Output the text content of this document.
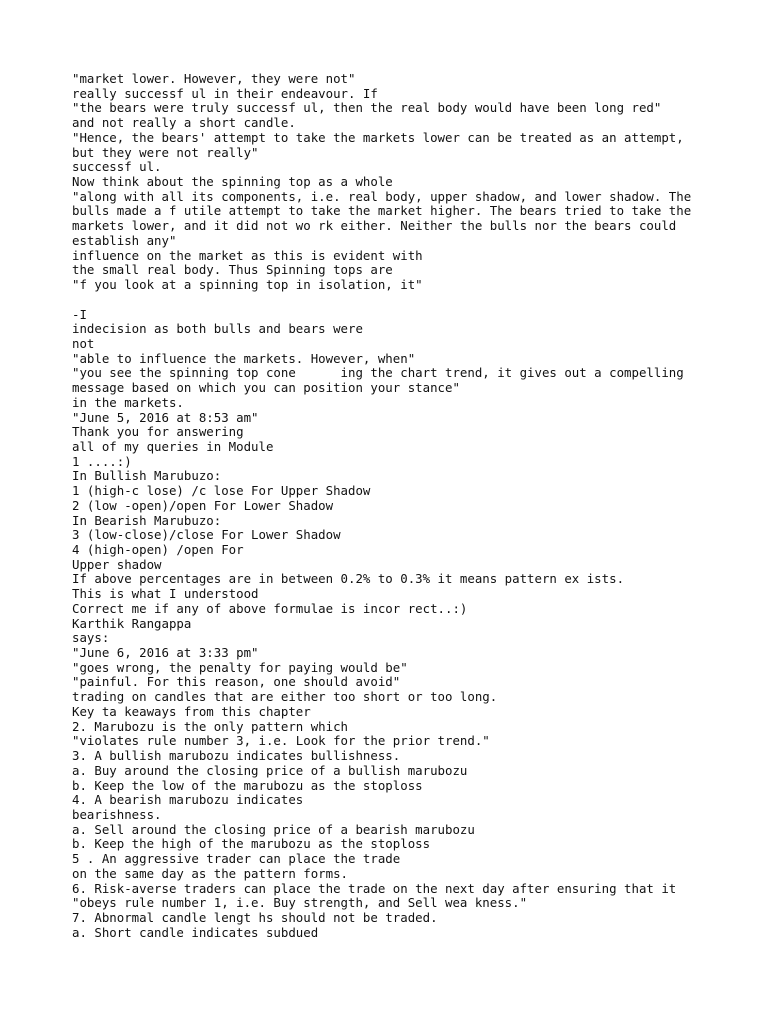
"market lower. However, they were not"
really successf ul in their endeavour. If
"the bears were truly successf ul, then the real body would have been long red"
and not really a short candle.
"Hence, the bears' attempt to take the markets lower can be treated as an attempt,
but they were not really"
successf ul.
Now think about the spinning top as a whole
"along with all its components, i.e. real body, upper shadow, and lower shadow. The
bulls made a f utile attempt to take the market higher. The bears tried to take the
markets lower, and it did not wo rk either. Neither the bulls nor the bears could
establish any"
influence on the market as this is evident with
the small real body. Thus Spinning tops are
"f you look at a spinning top in isolation, it"
-I
indecision as both bulls and bears were
not
"able to influence the markets. However, when"
"you see the spinning top cone      ing the chart trend, it gives out a compelling
message based on which you can position your stance"
in the markets.
"June 5, 2016 at 8:53 am"
Thank you for answering
all of my queries in Module
1 ....:)
In Bullish Marubuzo:
1 (high-c lose) /c lose For Upper Shadow
2 (low -open)/open For Lower Shadow
In Bearish Marubuzo:
3 (low-close)/close For Lower Shadow
4 (high-open) /open For
Upper shadow
If above percentages are in between 0.2% to 0.3% it means pattern ex ists.
This is what I understood
Correct me if any of above formulae is incor rect..:)
Karthik Rangappa
says:
"June 6, 2016 at 3:33 pm"
"goes wrong, the penalty for paying would be"
"painful. For this reason, one should avoid"
trading on candles that are either too short or too long.
Key ta keaways from this chapter
2. Marubozu is the only pattern which
"violates rule number 3, i.e. Look for the prior trend."
3. A bullish marubozu indicates bullishness.
a. Buy around the closing price of a bullish marubozu
b. Keep the low of the marubozu as the stoploss
4. A bearish marubozu indicates
bearishness.
a. Sell around the closing price of a bearish marubozu
b. Keep the high of the marubozu as the stoploss
5 . An aggressive trader can place the trade
on the same day as the pattern forms.
6. Risk-averse traders can place the trade on the next day after ensuring that it
"obeys rule number 1, i.e. Buy strength, and Sell wea kness."
7. Abnormal candle lengt hs should not be traded.
a. Short candle indicates subdued
